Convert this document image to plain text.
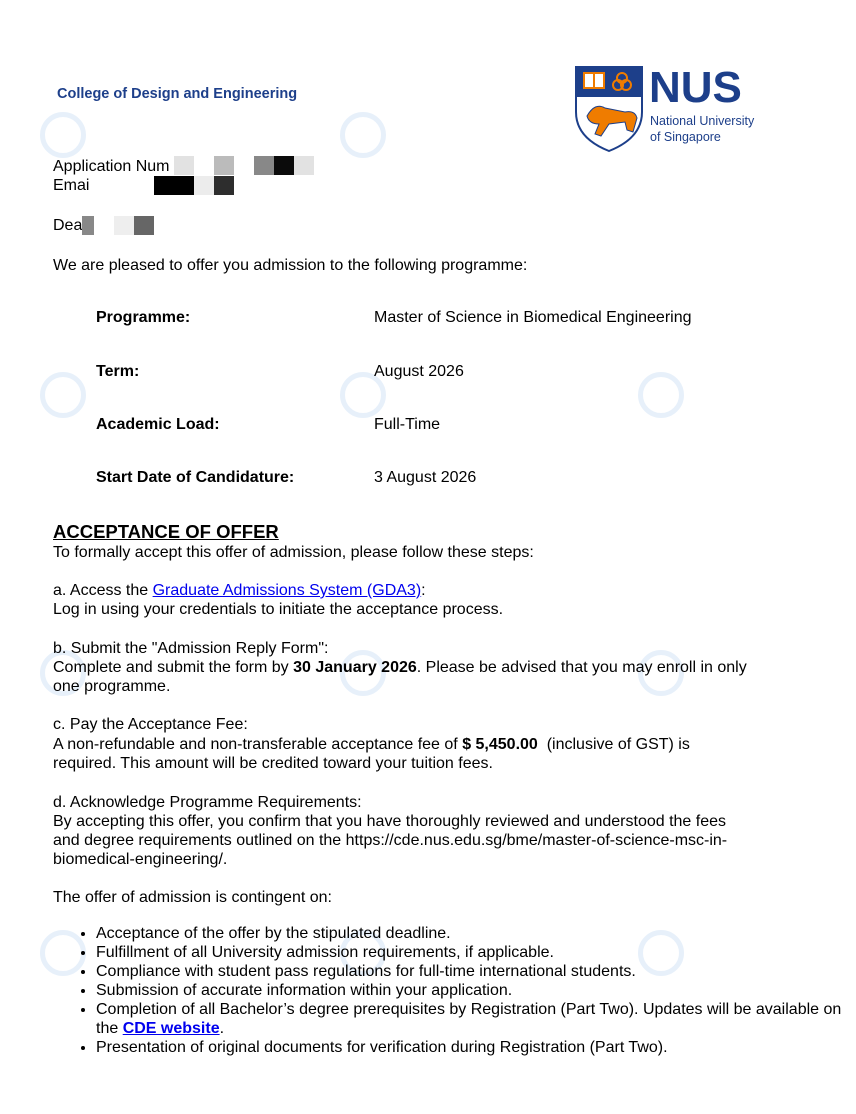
College of Design and Engineering	NUS
National University
of Singapore
Application Num
Emai
Dea
We are pleased to offer you admission to the following programme:
Programme:	Master of Science in Biomedical Engineering
Term:	August 2026
Academic Load:	Full-Time
Start Date of Candidature:	3 August 2026
ACCEPTANCE OF OFFER
To formally accept this offer of admission, please follow these steps:
a. Access the Graduate Admissions System (GDA3):
Log in using your credentials to initiate the acceptance process.
b. Submit the "Admission Reply Form":
Complete and submit the form by 30 January 2026. Please be advised that you may enroll in only
one programme.
c. Pay the Acceptance Fee:
A non-refundable and non-transferable acceptance fee of $ 5,450.00  (inclusive of GST) is
required. This amount will be credited toward your tuition fees.
d. Acknowledge Programme Requirements:
By accepting this offer, you confirm that you have thoroughly reviewed and understood the fees
and degree requirements outlined on the https://cde.nus.edu.sg/bme/master-of-science-msc-in-
biomedical-engineering/.
The offer of admission is contingent on:
• Acceptance of the offer by the stipulated deadline.
• Fulfillment of all University admission requirements, if applicable.
• Compliance with student pass regulations for full-time international students.
• Submission of accurate information within your application.
• Completion of all Bachelor’s degree prerequisites by Registration (Part Two). Updates will be available on the CDE website.
• Presentation of original documents for verification during Registration (Part Two).
